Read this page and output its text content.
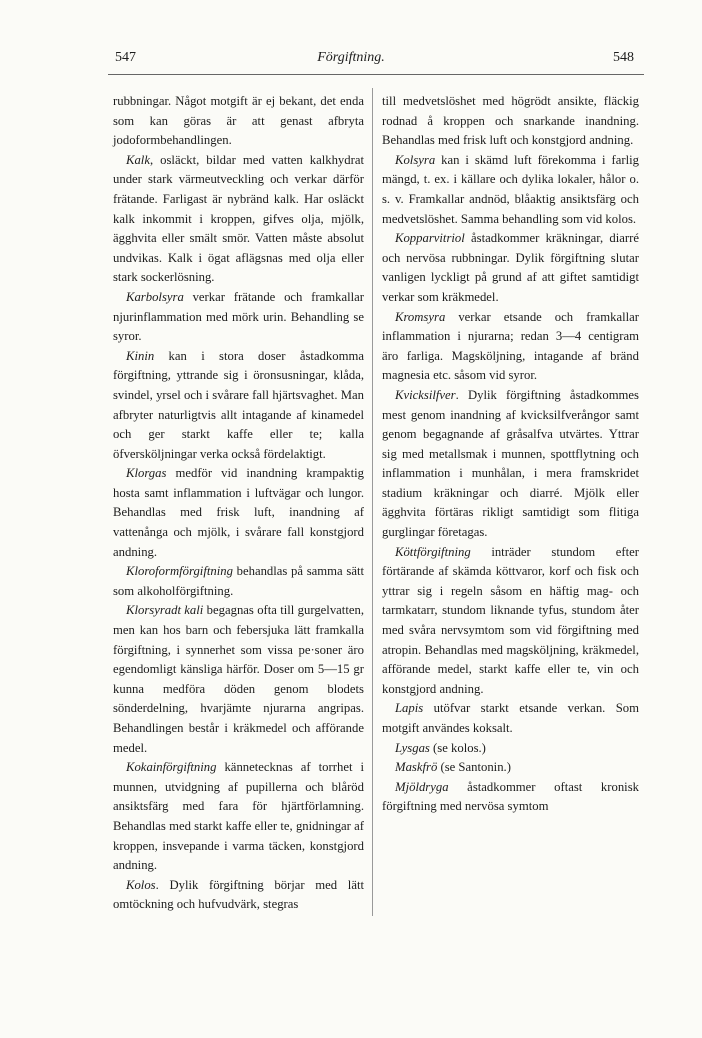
547	Förgiftning.	548

rubbningar. Något motgift är ej bekant, det enda som kan göras är att genast afbryta jodoformbehandlingen.

Kalk, osläckt, bildar med vatten kalkhydrat under stark värmeutveckling och verkar därför frätande. Farligast är nybränd kalk. Har osläckt kalk inkommit i kroppen, gifves olja, mjölk, ägghvita eller smält smör. Vatten måste absolut undvikas. Kalk i ögat aflägsnas med olja eller stark sockerlösning.

Karbolsyra verkar frätande och framkallar njurinflammation med mörk urin. Behandling se syror.

Kinin kan i stora doser åstadkomma förgiftning, yttrande sig i öronsusningar, klåda, svindel, yrsel och i svårare fall hjärtsvaghet. Man afbryter naturligtvis allt intagande af kinamedel och ger starkt kaffe eller te; kalla öfversköljningar verka också fördelaktigt.

Klorgas medför vid inandning krampaktig hosta samt inflammation i luftvägar och lungor. Behandlas med frisk luft, inandning af vattenånga och mjölk, i svårare fall konstgjord andning.

Kloroformförgiftning behandlas på samma sätt som alkoholförgiftning.

Klorsyradt kali begagnas ofta till gurgelvatten, men kan hos barn och febersjuka lätt framkalla förgiftning, i synnerhet som vissa pe·soner äro egendomligt känsliga härför. Doser om 5—15 gr kunna medföra döden genom blodets sönderdelning, hvarjämte njurarna angripas. Behandlingen består i kräkmedel och afförande medel.

Kokainförgiftning kännetecknas af torrhet i munnen, utvidgning af pupillerna och blåröd ansiktsfärg med fara för hjärtförlamning. Behandlas med starkt kaffe eller te, gnidningar af kroppen, insvepande i varma täcken, konstgjord andning.

Kolos. Dylik förgiftning börjar med lätt omtöckning och hufvudvärk, stegras

till medvetslöshet med högrödt ansikte, fläckig rodnad å kroppen och snarkande inandning. Behandlas med frisk luft och konstgjord andning.

Kolsyra kan i skämd luft förekomma i farlig mängd, t. ex. i källare och dylika lokaler, hålor o. s. v. Framkallar andnöd, blåaktig ansiktsfärg och medvetslöshet. Samma behandling som vid kolos.

Kopparvitriol åstadkommer kräkningar, diarré och nervösa rubbningar. Dylik förgiftning slutar vanligen lyckligt på grund af att giftet samtidigt verkar som kräkmedel.

Kromsyra verkar etsande och framkallar inflammation i njurarna; redan 3—4 centigram äro farliga. Magsköljning, intagande af bränd magnesia etc. såsom vid syror.

Kvicksilfver. Dylik förgiftning åstadkommes mest genom inandning af kvicksilfverångor samt genom begagnande af gråsalfva utvärtes. Yttrar sig med metallsmak i munnen, spottflytning och inflammation i munhålan, i mera framskridet stadium kräkningar och diarré. Mjölk eller ägghvita förtäras rikligt samtidigt som flitiga gurglingar företagas.

Köttförgiftning inträder stundom efter förtärande af skämda köttvaror, korf och fisk och yttrar sig i regeln såsom en häftig mag- och tarmkatarr, stundom liknande tyfus, stundom åter med svåra nervsymtom som vid förgiftning med atropin. Behandlas med magsköljning, kräkmedel, afförande medel, starkt kaffe eller te, vin och konstgjord andning.

Lapis utöfvar starkt etsande verkan. Som motgift användes koksalt.

Lysgas (se kolos.)

Maskfrö (se Santonin.)

Mjöldryga åstadkommer oftast kronisk förgiftning med nervösa symtom
